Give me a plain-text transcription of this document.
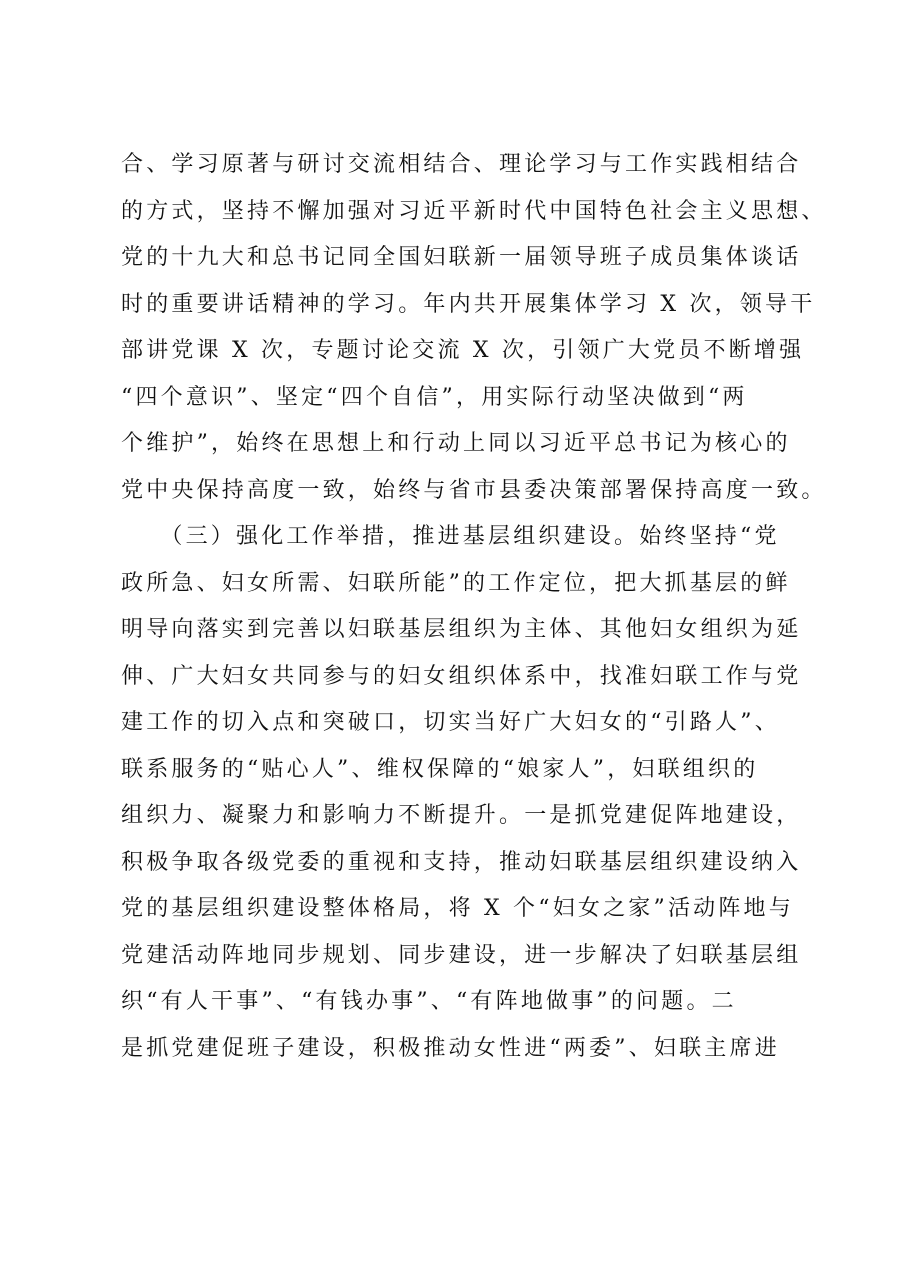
合、学习原著与研讨交流相结合、理论学习与工作实践相结合
的方式，坚持不懈加强对习近平新时代中国特色社会主义思想、
党的十九大和总书记同全国妇联新一届领导班子成员集体谈话
时的重要讲话精神的学习。年内共开展集体学习 X 次，领导干
部讲党课 X 次，专题讨论交流 X 次，引领广大党员不断增强
“四个意识”、坚定“四个自信”，用实际行动坚决做到“两
个维护”，始终在思想上和行动上同以习近平总书记为核心的
党中央保持高度一致，始终与省市县委决策部署保持高度一致。
　　（三）强化工作举措，推进基层组织建设。始终坚持“党
政所急、妇女所需、妇联所能”的工作定位，把大抓基层的鲜
明导向落实到完善以妇联基层组织为主体、其他妇女组织为延
伸、广大妇女共同参与的妇女组织体系中，找准妇联工作与党
建工作的切入点和突破口，切实当好广大妇女的“引路人”、
联系服务的“贴心人”、维权保障的“娘家人”，妇联组织的
组织力、凝聚力和影响力不断提升。一是抓党建促阵地建设，
积极争取各级党委的重视和支持，推动妇联基层组织建设纳入
党的基层组织建设整体格局，将 X 个“妇女之家”活动阵地与
党建活动阵地同步规划、同步建设，进一步解决了妇联基层组
织“有人干事”、“有钱办事”、“有阵地做事”的问题。二
是抓党建促班子建设，积极推动女性进“两委”、妇联主席进
